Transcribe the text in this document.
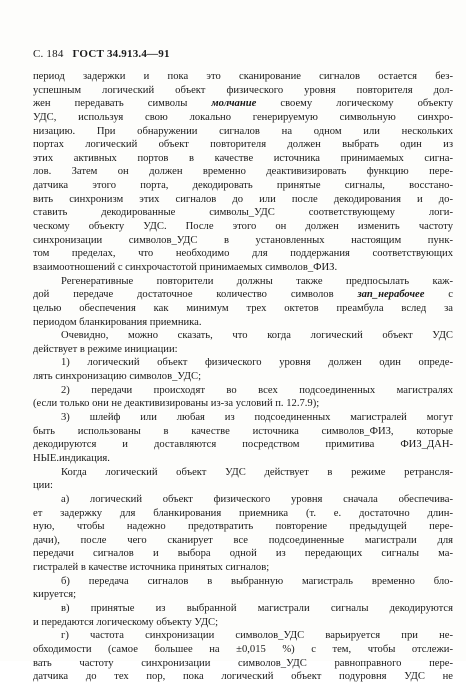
С. 184 ГОСТ 34.913.4—91
период задержки и пока это сканирование сигналов остается без-
успешным логический объект физического уровня повторителя дол-
жен передавать символы молчание своему логическому объекту
УДС, используя свою локально генерируемую символьную синхро-
низацию. При обнаружении сигналов на одном или нескольких
портах логический объект повторителя должен выбрать один из
этих активных портов в качестве источника принимаемых сигна-
лов. Затем он должен временно деактивизировать функцию пере-
датчика этого порта, декодировать принятые сигналы, восстано-
вить синхронизм этих сигналов до или после декодирования и до-
ставить декодированные символы_УДС соответствующему логи-
ческому объекту УДС. После этого он должен изменить частоту
синхронизации символов_УДС в установленных настоящим пунк-
том пределах, что необходимо для поддержания соответствующих
взаимоотношений с синхрочастотой принимаемых символов_ФИЗ.
Регенеративные повторители должны также предпосылать каж-
дой передаче достаточное количество символов зап_нерабочее с
целью обеспечения как минимум трех октетов преамбула вслед за
периодом бланкирования приемника.
Очевидно, можно сказать, что когда логический объект УДС
действует в режиме инициации:
1) логический объект физического уровня должен один опреде-
лять синхронизацию символов_УДС;
2) передачи происходят во всех подсоединенных магистралях
(если только они не деактивизированы из-за условий п. 12.7.9);
3) шлейф или любая из подсоединенных магистралей могут
быть использованы в качестве источника символов_ФИЗ, которые
декодируются и доставляются посредством примитива ФИЗ_ДАН-
НЫЕ.индикация.
Когда логический объект УДС действует в режиме ретрансля-
ции:
а) логический объект физического уровня сначала обеспечива-
ет задержку для бланкирования приемника (т. е. достаточно длин-
ную, чтобы надежно предотвратить повторение предыдущей пере-
дачи), после чего сканирует все подсоединенные магистрали для
передачи сигналов и выбора одной из передающих сигналы ма-
гистралей в качестве источника принятых сигналов;
б) передача сигналов в выбранную магистраль временно бло-
кируется;
в) принятые из выбранной магистрали сигналы декодируются
и передаются логическому объекту УДС;
г) частота синхронизации символов_УДС варьируется при не-
обходимости (самое большее на ±0,015 %) с тем, чтобы отслежи-
вать частоту синхронизации символов_УДС равноправного пере-
датчика до тех пор, пока логический объект подуровня УДС не
